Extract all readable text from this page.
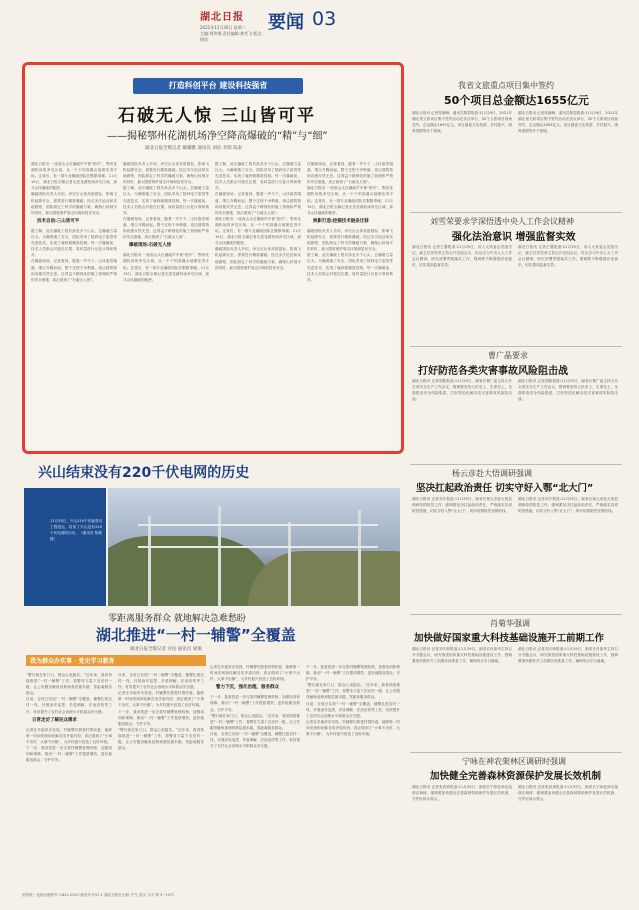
湖北日报
2021年11月30日 星期二
主编:周伶俐 责任编辑:龚雪飞 版式:徐雨
要闻 03
打造科创平台 建设科技强省
石破无人惊 三山皆可平
——揭秘鄂州花湖机场净空降高爆破的“精”与“细”
湖北日报全媒记者 戴耀鹏 通讯员 刘洁 李辉 陈泰
湖北日报讯 一座座山头在爆破声中被“削平”，鄂州花湖机场的净空区域，从一个个的高爆点地理变得平坦。这背后，有一群专业爆破团队在默默奉献。11月19日，湖北日报全媒记者走进花湖机场净空区域，探寻山体爆破的秘密。
爆破团队负责人介绍，净空区山体高度超标，影响飞机起降安全，需要进行精准爆破。经过多次论证和实地勘察，团队制定了科学的爆破方案，确保山体削平的同时，最大限度保护周边环境和居民安全。
技术自信:三山皆可平
据了解，此次爆破工程共涉及多个山头，总爆破方量巨大。为确保施工安全，团队采用了数码电子雷管等先进技术，实现了毫秒级精准控制。每一次爆破前，技术人员都会对炮孔位置、装药量进行反复计算和核对。
在爆破现场，记者看到，随着一声令下，山体轰然塌落，烟尘升腾而起。整个过程干净利落，周边建筑物和设施安然无恙。这得益于精细化的施工管理和严格的安全措施，真正做到了“石破无人惊”。
爆破团队负责人介绍，净空区山体高度超标，影响飞机起降安全，需要进行精准爆破。经过多次论证和实地勘察，团队制定了科学的爆破方案，确保山体削平的同时，最大限度保护周边环境和居民安全。
据了解，此次爆破工程共涉及多个山头，总爆破方量巨大。为确保施工安全，团队采用了数码电子雷管等先进技术，实现了毫秒级精准控制。每一次爆破前，技术人员都会对炮孔位置、装药量进行反复计算和核对。
在爆破现场，记者看到，随着一声令下，山体轰然塌落，烟尘升腾而起。整个过程干净利落，周边建筑物和设施安然无恙。这得益于精细化的施工管理和严格的安全措施，真正做到了“石破无人惊”。
爆破现场:石破无人惊
湖北日报讯 一座座山头在爆破声中被“削平”，鄂州花湖机场的净空区域，从一个个的高爆点地理变得平坦。这背后，有一群专业爆破团队在默默奉献。11月19日，湖北日报全媒记者走进花湖机场净空区域，探寻山体爆破的秘密。
据了解，此次爆破工程共涉及多个山头，总爆破方量巨大。为确保施工安全，团队采用了数码电子雷管等先进技术，实现了毫秒级精准控制。每一次爆破前，技术人员都会对炮孔位置、装药量进行反复计算和核对。
在爆破现场，记者看到，随着一声令下，山体轰然塌落，烟尘升腾而起。整个过程干净利落，周边建筑物和设施安然无恙。这得益于精细化的施工管理和严格的安全措施，真正做到了“石破无人惊”。
湖北日报讯 一座座山头在爆破声中被“削平”，鄂州花湖机场的净空区域，从一个个的高爆点地理变得平坦。这背后，有一群专业爆破团队在默默奉献。11月19日，湖北日报全媒记者走进花湖机场净空区域，探寻山体爆破的秘密。
爆破团队负责人介绍，净空区山体高度超标，影响飞机起降安全，需要进行精准爆破。经过多次论证和实地勘察，团队制定了科学的爆破方案，确保山体削平的同时，最大限度保护周边环境和居民安全。
在爆破现场，记者看到，随着一声令下，山体轰然塌落，烟尘升腾而起。整个过程干净利落，周边建筑物和设施安然无恙。这得益于精细化的施工管理和严格的安全措施，真正做到了“石破无人惊”。
湖北日报讯 一座座山头在爆破声中被“削平”，鄂州花湖机场的净空区域，从一个个的高爆点地理变得平坦。这背后，有一群专业爆破团队在默默奉献。11月19日，湖北日报全媒记者走进花湖机场净空区域，探寻山体爆破的秘密。
换影打造:挖掘技术链条迁移
爆破团队负责人介绍，净空区山体高度超标，影响飞机起降安全，需要进行精准爆破。经过多次论证和实地勘察，团队制定了科学的爆破方案，确保山体削平的同时，最大限度保护周边环境和居民安全。
据了解，此次爆破工程共涉及多个山头，总爆破方量巨大。为确保施工安全，团队采用了数码电子雷管等先进技术，实现了毫秒级精准控制。每一次爆破前，技术人员都会对炮孔位置、装药量进行反复计算和核对。
我省文旅重点项目集中签约
50个项目总金额达1655亿元
湖北日报讯 记者张晓峰、通讯员陈思报道:11月29日，2021年湖北省文旅项目集中签约活动在武汉举行，50个文旅项目现场签约，总金额达1655亿元。项目涵盖文化旅游、乡村振兴、康养度假等多个领域。
湖北日报讯 记者张晓峰、通讯员陈思报道:11月29日，2021年湖北省文旅项目集中签约活动在武汉举行，50个文旅项目现场签约，总金额达1655亿元。项目涵盖文化旅游、乡村振兴、康养度假等多个领域。
刘雪荣要求学深悟透中央人工作会议精神
强化法治意识 增强监督实效
湖北日报讯 记者王馨报道:11月29日，省人大常委会党组书记、副主任刘雪荣主持召开党组会议，传达学习中央人大工作会议精神，研究部署贯彻落实工作，强调要不断增强法治意识，切实提高监督实效。
湖北日报讯 记者王馨报道:11月29日，省人大常委会党组书记、副主任刘雪荣主持召开党组会议，传达学习中央人大工作会议精神，研究部署贯彻落实工作，强调要不断增强法治意识，切实提高监督实效。
曹广晶要求
打好防范各类灾害事故风险阻击战
湖北日报讯 记者胡蔚报道:11月29日，副省长曹广晶主持召开全省安全生产工作会议，强调要坚持人民至上、生命至上，全面排查安全风险隐患，打好防范化解各类灾害事故风险阻击战。
湖北日报讯 记者胡蔚报道:11月29日，副省长曹广晶主持召开全省安全生产工作会议，强调要坚持人民至上、生命至上，全面排查安全风险隐患，打好防范化解各类灾害事故风险阻击战。
杨云彦赴大悟调研强调
坚决扛起政治责任 切实守好入鄂“北大门”
湖北日报讯 记者刘宇报道:11月29日，副省长杨云彦赴大悟县调研疫情防控工作，强调要坚决扛起政治责任，严格落实各项防控措施，切实守好入鄂“北大门”，筑牢疫情防控坚固防线。
湖北日报讯 记者刘宇报道:11月29日，副省长杨云彦赴大悟县调研疫情防控工作，强调要坚决扛起政治责任，严格落实各项防控措施，切实守好入鄂“北大门”，筑牢疫情防控坚固防线。
肖菊华强调
加快做好国家重大科技基础设施开工前期工作
湖北日报讯 记者刘天纵报道:11月29日，副省长肖菊华主持召开专题会议，研究推进国家重大科技基础设施建设工作，强调要加快做好开工前期各项准备工作，确保项目早日落地。
湖北日报讯 记者刘天纵报道:11月29日，副省长肖菊华主持召开专题会议，研究推进国家重大科技基础设施建设工作，强调要加快做好开工前期各项准备工作，确保项目早日落地。
宁咏在神农架林区调研时强调
加快健全完善森林资源保护发展长效机制
湖北日报讯 记者张真真报道:11月29日，副省长宁咏赴神农架林区调研，强调要加快健全完善森林资源保护发展长效机制，守护好绿水青山。
湖北日报讯 记者张真真报道:11月29日，副省长宁咏赴神农架林区调研，强调要加快健全完善森林资源保护发展长效机制，守护好绿水青山。
兴山结束没有220千伏电网的历史
11月28日，兴山220千伏输变电工程投运，结束了兴山没有220千伏电网的历史。（通讯员 陈俊 摄）
零距离服务群众 就地解决急难愁盼
湖北推进“一村一辅警”全覆盖
湖北日报全媒记者 评论 通讯员 梁俊
我为群众办实事 · 党史学习教育
“警灯就在家门口，群众心里踏实。”近年来，我省持续推进“一村一辅警”工作，将警务力量下沉至村一级，让公安服务触角延伸到基层最末端，零距离服务群众。
目前，全省已实现“一村一辅警”全覆盖，辅警扎根农村一线，开展治安巡逻、矛盾调解、法治宣传等工作，有效提升了农村社会治理水平和群众安全感。
日常走访了解民众需求
记者在多地采访发现，村辅警们熟悉村情民意，能够第一时间发现和化解各类矛盾纠纷，真正做到了“小事不出村、大事不出镇”，为乡村振兴营造了良好环境。
下一步，我省将进一步完善村辅警管理机制，加强培训和保障，推动“一村一辅警”工作提质增效，更好地服务群众、守护平安。
目前，全省已实现“一村一辅警”全覆盖，辅警扎根农村一线，开展治安巡逻、矛盾调解、法治宣传等工作，有效提升了农村社会治理水平和群众安全感。
记者在多地采访发现，村辅警们熟悉村情民意，能够第一时间发现和化解各类矛盾纠纷，真正做到了“小事不出村、大事不出镇”，为乡村振兴营造了良好环境。
下一步，我省将进一步完善村辅警管理机制，加强培训和保障，推动“一村一辅警”工作提质增效，更好地服务群众、守护平安。
“警灯就在家门口，群众心里踏实。”近年来，我省持续推进“一村一辅警”工作，将警务力量下沉至村一级，让公安服务触角延伸到基层最末端，零距离服务群众。
记者在多地采访发现，村辅警们熟悉村情民意，能够第一时间发现和化解各类矛盾纠纷，真正做到了“小事不出村、大事不出镇”，为乡村振兴营造了良好环境。
警力下沉，强化治理，服务群众
下一步，我省将进一步完善村辅警管理机制，加强培训和保障，推动“一村一辅警”工作提质增效，更好地服务群众、守护平安。
“警灯就在家门口，群众心里踏实。”近年来，我省持续推进“一村一辅警”工作，将警务力量下沉至村一级，让公安服务触角延伸到基层最末端，零距离服务群众。
目前，全省已实现“一村一辅警”全覆盖，辅警扎根农村一线，开展治安巡逻、矛盾调解、法治宣传等工作，有效提升了农村社会治理水平和群众安全感。
下一步，我省将进一步完善村辅警管理机制，加强培训和保障，推动“一村一辅警”工作提质增效，更好地服务群众、守护平安。
“警灯就在家门口，群众心里踏实。”近年来，我省持续推进“一村一辅警”工作，将警务力量下沉至村一级，让公安服务触角延伸到基层最末端，零距离服务群众。
目前，全省已实现“一村一辅警”全覆盖，辅警扎根农村一线，开展治安巡逻、矛盾调解、法治宣传等工作，有效提升了农村社会治理水平和群众安全感。
记者在多地采访发现，村辅警们熟悉村情民意，能够第一时间发现和化解各类矛盾纠纷，真正做到了“小事不出村、大事不出镇”，为乡村振兴营造了良好环境。
国内统一连续出版物号 CN42-0001 邮发代号37-1 湖北日报社出版 天气 武汉 今天 晴 5~14℃
